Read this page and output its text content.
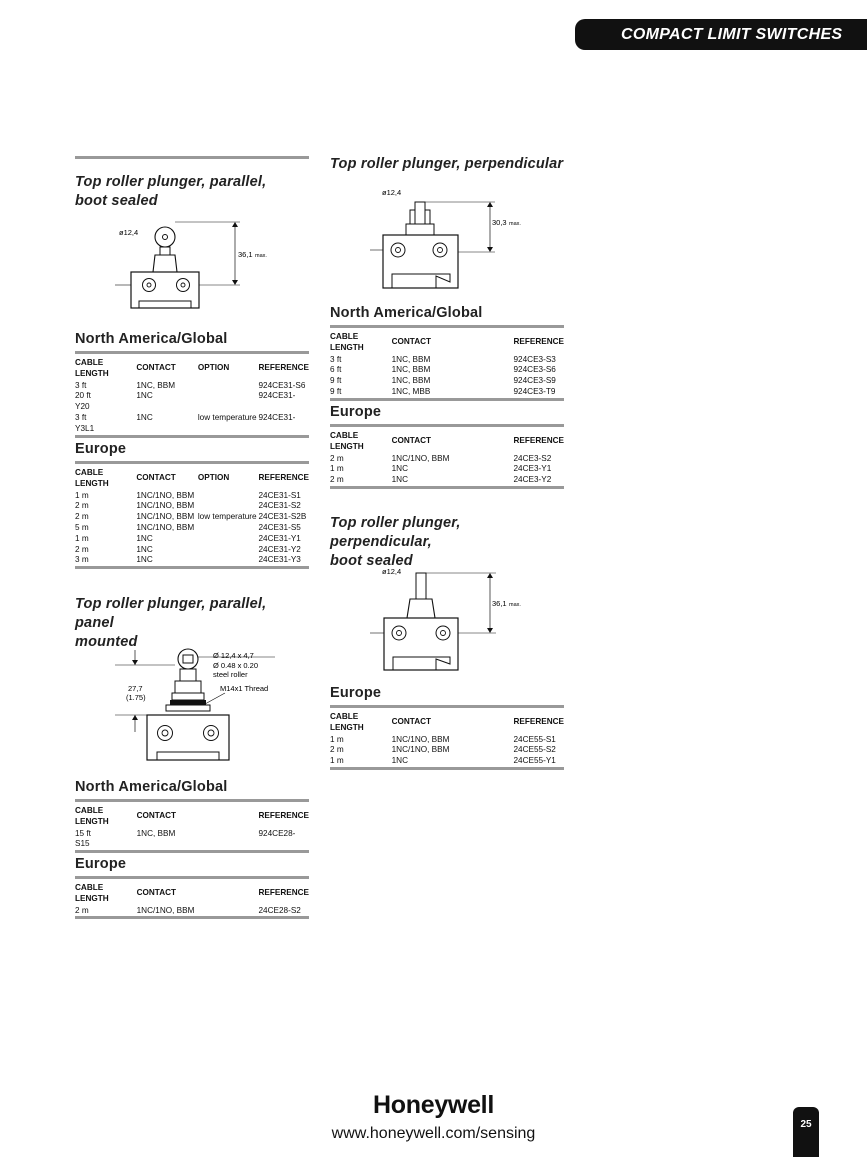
COMPACT LIMIT SWITCHES
Top roller plunger, parallel,
boot sealed
ø12,4
36,1 max.
North America/Global
CABLE LENGTH	CONTACT	OPTION	REFERENCE
3 ft	1NC, BBM		924CE31-S6
20 ft	1NC		924CE31-
Y20			
3 ft	1NC	low temperature	924CE31-
Y3L1			
Europe
CABLE LENGTH	CONTACT	OPTION	REFERENCE
1 m	1NC/1NO, BBM		24CE31-S1
2 m	1NC/1NO, BBM		24CE31-S2
2 m	1NC/1NO, BBM	low temperature	24CE31-S2B
5 m	1NC/1NO, BBM		24CE31-S5
1 m	1NC		24CE31-Y1
2 m	1NC		24CE31-Y2
3 m	1NC		24CE31-Y3
Top roller plunger, parallel, panel
mounted
27,7
(1.75)
Ø 12,4 x 4,7
Ø 0.48 x 0.20
steel roller
M14x1 Thread
North America/Global
CABLE LENGTH	CONTACT	REFERENCE
15 ft	1NC, BBM	924CE28-
S15		
Europe
CABLE LENGTH	CONTACT	REFERENCE
2 m	1NC/1NO, BBM	24CE28-S2
Top roller plunger, perpendicular
ø12,4
30,3 max.
North America/Global
CABLE LENGTH	CONTACT	REFERENCE
3 ft	1NC, BBM	924CE3-S3
6 ft	1NC, BBM	924CE3-S6
9 ft	1NC, BBM	924CE3-S9
9 ft	1NC, MBB	924CE3-T9
Europe
CABLE LENGTH	CONTACT	REFERENCE
2 m	1NC/1NO, BBM	24CE3-S2
1 m	1NC	24CE3-Y1
2 m	1NC	24CE3-Y2
Top roller plunger, perpendicular,
boot sealed
ø12,4
36,1 max.
Europe
CABLE LENGTH	CONTACT	REFERENCE
1 m	1NC/1NO, BBM	24CE55-S1
2 m	1NC/1NO, BBM	24CE55-S2
1 m	1NC	24CE55-Y1
Honeywell
www.honeywell.com/sensing
25
